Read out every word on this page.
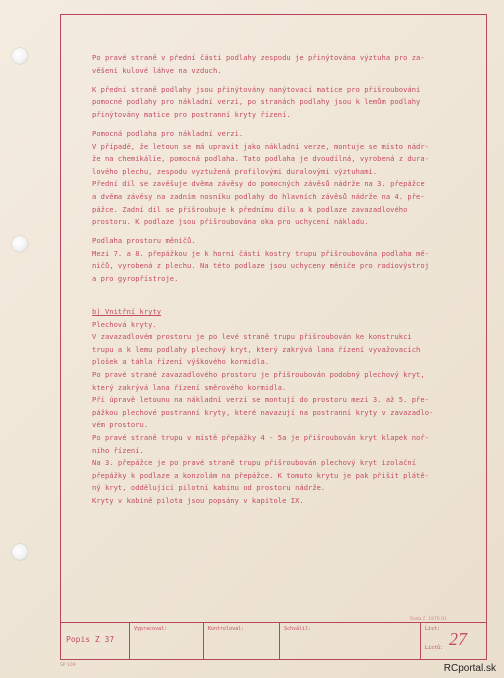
Po pravé straně v přední části podlahy zespodu je přinýtována výztuha pro za-
věšení kulové láhve na vzduch.
K přední straně podlahy jsou přinýtovány nanýtovací matice pro přišroubování
pomocné podlahy pro nákladní verzi, po stranách podlahy jsou k lemům podlahy
přinýtovány matice pro postranní kryty řízení.
Pomocná podlaha pro nákladní verzi.
V případě, že letoun se má upravit jako nákladní verze, montuje se místo nádr-
že na chemikálie, pomocná podlaha. Tato podlaha je dvoudílná, vyrobená z dura-
lového plechu, zespodu vyztužená profilovými duralovými výztuhami.
Přední díl se zavěšuje dvěma závěsy do pomocných závěsů nádrže na 3. přepážce
a dvěma závěsy na zadním nosníku podlahy do hlavních závěsů nádrže na 4. pře-
pážce. Zadní díl se přišroubuje k přednímu dílu a k podlaze zavazadlového
prostoru. K podlaze jsou přišroubována oka pro uchycení nákladu.
Podlaha prostoru měničů.
Mezi 7. a 8. přepážkou je k horní části kostry trupu přišroubována podlaha mě-
ničů, vyrobená z plechu. Na této podlaze jsou uchyceny měniče pro radiovýstroj
a pro gyropřístroje.
b) Vnitřní kryty
Plechová kryty.
V zavazadlovém prostoru je po levé straně trupu přišroubován ke konstrukci
trupu a k lemu podlahy plechový kryt, který zakrývá lana řízení vyvažovacích
plošek a táhla řízení výškového kormidla.
Po pravé straně zavazadlového prostoru je přišroubován podobný plechový kryt,
který zakrývá lana řízení směrového kormidla.
Při úpravě letounu na nákladní verzi se montují do prostoru mezi 3. až 5. pře-
pážkou plechové postranní kryty, které navazují na postranní kryty v zavazadlo-
vém prostoru.
Po pravé straně trupu v místě přepážky 4 - 5a je přišroubován kryt klapek noř-
ního řízení.
Na 3. přepážce je po pravé straně trupu přišroubován plechový kryt izolační
přepážky k podlaze a konzolám na přepážce. K tomuto krytu je pak přišit plátě-
ný kryt, oddělující pilotní kabinu od prostoru nádrže.
Kryty v kabině pilota jsou popsány v kapitole IX.
Popis Z 37
Vypracoval:	Kontroloval:	Schválil:	List:
Listů: 27
Rada č. 1970 01
SP 109	RCportal.sk
